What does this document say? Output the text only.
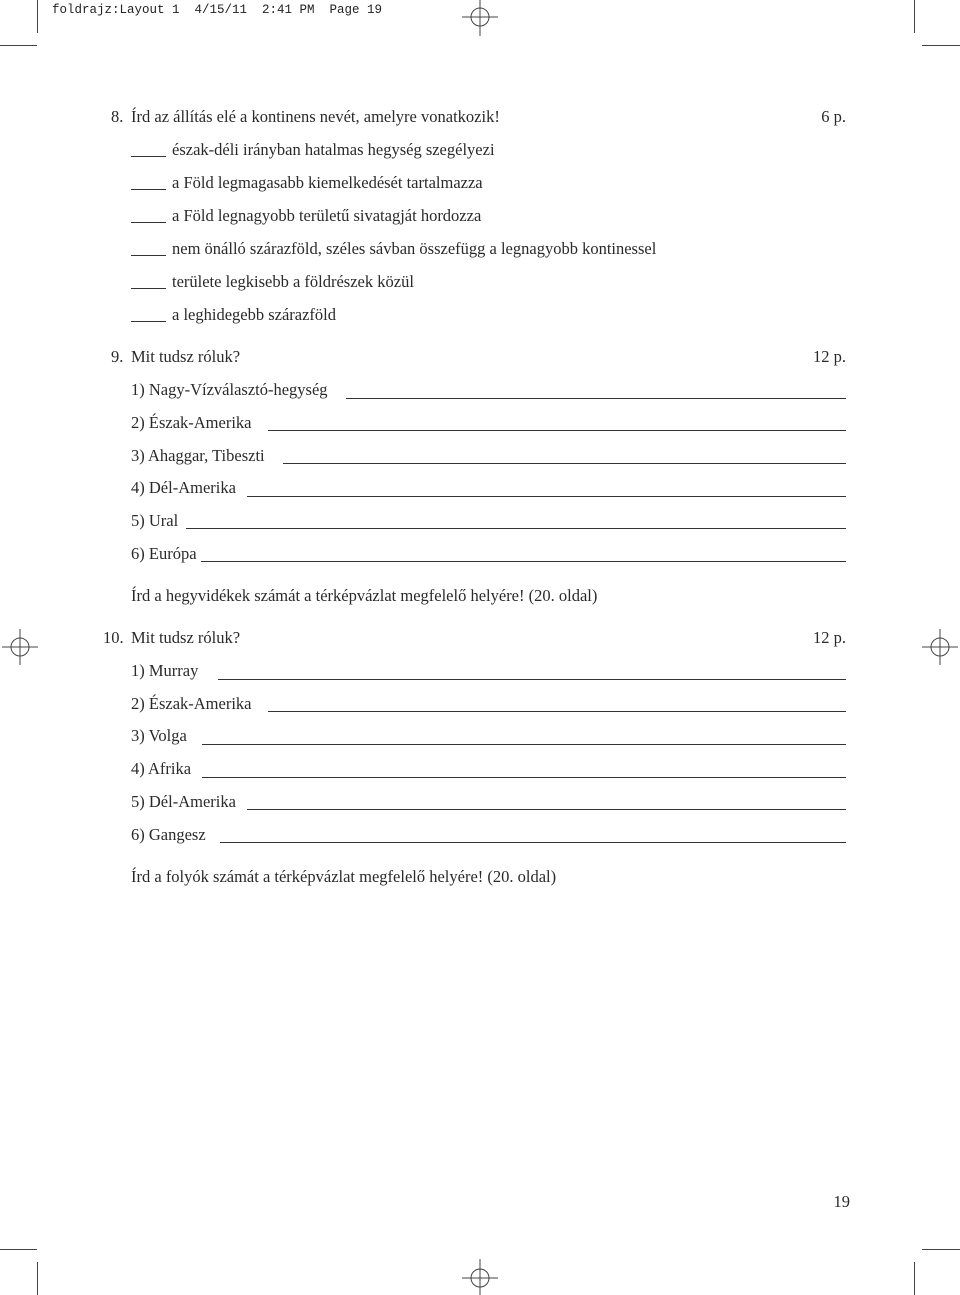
foldrajz:Layout 1  4/15/11  2:41 PM  Page 19
8. Írd az állítás elé a kontinens nevét, amelyre vonatkozik!	6 p.
észak-déli irányban hatalmas hegység szegélyezi
a Föld legmagasabb kiemelkedését tartalmazza
a Föld legnagyobb területű sivatagját hordozza
nem önálló szárazföld, széles sávban összefügg a legnagyobb kontinessel
területe legkisebb a földrészek közül
a leghidegebb szárazföld
9. Mit tudsz róluk?	12 p.
1) Nagy-Vízválasztó-hegység
2) Észak-Amerika
3) Ahaggar, Tibeszti
4) Dél-Amerika
5) Ural
6) Európa
Írd a hegyvidékek számát a térképvázlat megfelelő helyére! (20. oldal)
10. Mit tudsz róluk?	12 p.
1) Murray
2) Észak-Amerika
3) Volga
4) Afrika
5) Dél-Amerika
6) Gangesz
Írd a folyók számát a térképvázlat megfelelő helyére! (20. oldal)
19
